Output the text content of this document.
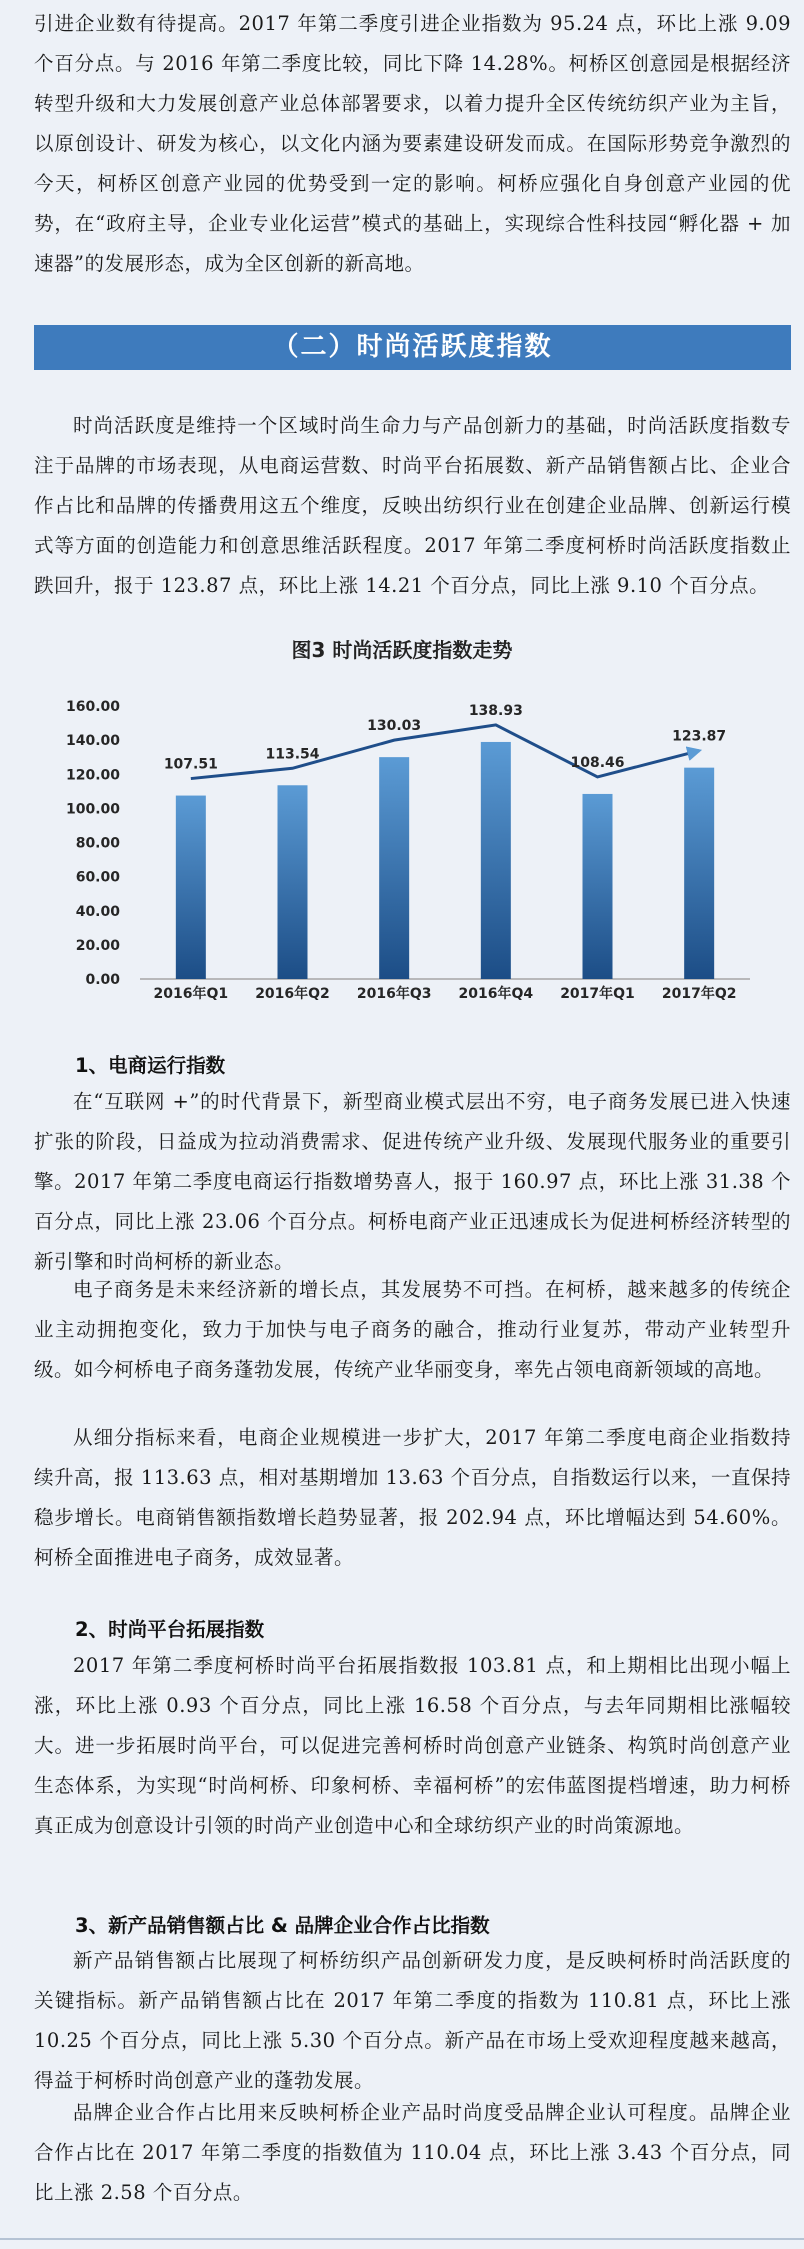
引进企业数有待提高。2017 年第二季度引进企业指数为 95.24 点，环比上涨 9.09 个百分点。与 2016 年第二季度比较，同比下降 14.28%。柯桥区创意园是根据经济转型升级和大力发展创意产业总体部署要求，以着力提升全区传统纺织产业为主旨，以原创设计、研发为核心，以文化内涵为要素建设研发而成。在国际形势竞争激烈的今天，柯桥区创意产业园的优势受到一定的影响。柯桥应强化自身创意产业园的优势，在“政府主导，企业专业化运营”模式的基础上，实现综合性科技园“孵化器 + 加速器”的发展形态，成为全区创新的新高地。

（二）时尚活跃度指数

时尚活跃度是维持一个区域时尚生命力与产品创新力的基础，时尚活跃度指数专注于品牌的市场表现，从电商运营数、时尚平台拓展数、新产品销售额占比、企业合作占比和品牌的传播费用这五个维度，反映出纺织行业在创建企业品牌、创新运行模式等方面的创造能力和创意思维活跃程度。2017 年第二季度柯桥时尚活跃度指数止跌回升，报于 123.87 点，环比上涨 14.21 个百分点，同比上涨 9.10 个百分点。

图3 时尚活跃度指数走势
0.00
20.00
40.00
60.00
80.00
100.00
120.00
140.00
160.00
107.51
113.54
130.03
138.93
108.46
123.87
2016年Q1 2016年Q2 2016年Q3 2016年Q4 2017年Q1 2017年Q2
1、电商运行指数

在“互联网 +”的时代背景下，新型商业模式层出不穷，电子商务发展已进入快速扩张的阶段，日益成为拉动消费需求、促进传统产业升级、发展现代服务业的重要引擎。2017 年第二季度电商运行指数增势喜人，报于 160.97 点，环比上涨 31.38 个百分点，同比上涨 23.06 个百分点。柯桥电商产业正迅速成长为促进柯桥经济转型的新引擎和时尚柯桥的新业态。

电子商务是未来经济新的增长点，其发展势不可挡。在柯桥，越来越多的传统企业主动拥抱变化，致力于加快与电子商务的融合，推动行业复苏，带动产业转型升级。如今柯桥电子商务蓬勃发展，传统产业华丽变身，率先占领电商新领域的高地。

从细分指标来看，电商企业规模进一步扩大，2017 年第二季度电商企业指数持续升高，报 113.63 点，相对基期增加 13.63 个百分点，自指数运行以来，一直保持稳步增长。电商销售额指数增长趋势显著，报 202.94 点，环比增幅达到 54.60%。柯桥全面推进电子商务，成效显著。

2、时尚平台拓展指数

2017 年第二季度柯桥时尚平台拓展指数报 103.81 点，和上期相比出现小幅上涨，环比上涨 0.93 个百分点，同比上涨 16.58 个百分点，与去年同期相比涨幅较大。进一步拓展时尚平台，可以促进完善柯桥时尚创意产业链条、构筑时尚创意产业生态体系，为实现“时尚柯桥、印象柯桥、幸福柯桥”的宏伟蓝图提档增速，助力柯桥真正成为创意设计引领的时尚产业创造中心和全球纺织产业的时尚策源地。

3、新产品销售额占比 & 品牌企业合作占比指数

新产品销售额占比展现了柯桥纺织产品创新研发力度，是反映柯桥时尚活跃度的关键指标。新产品销售额占比在 2017 年第二季度的指数为 110.81 点，环比上涨 10.25 个百分点，同比上涨 5.30 个百分点。新产品在市场上受欢迎程度越来越高，得益于柯桥时尚创意产业的蓬勃发展。

品牌企业合作占比用来反映柯桥企业产品时尚度受品牌企业认可程度。品牌企业合作占比在 2017 年第二季度的指数值为 110.04 点，环比上涨 3.43 个百分点，同比上涨 2.58 个百分点。
